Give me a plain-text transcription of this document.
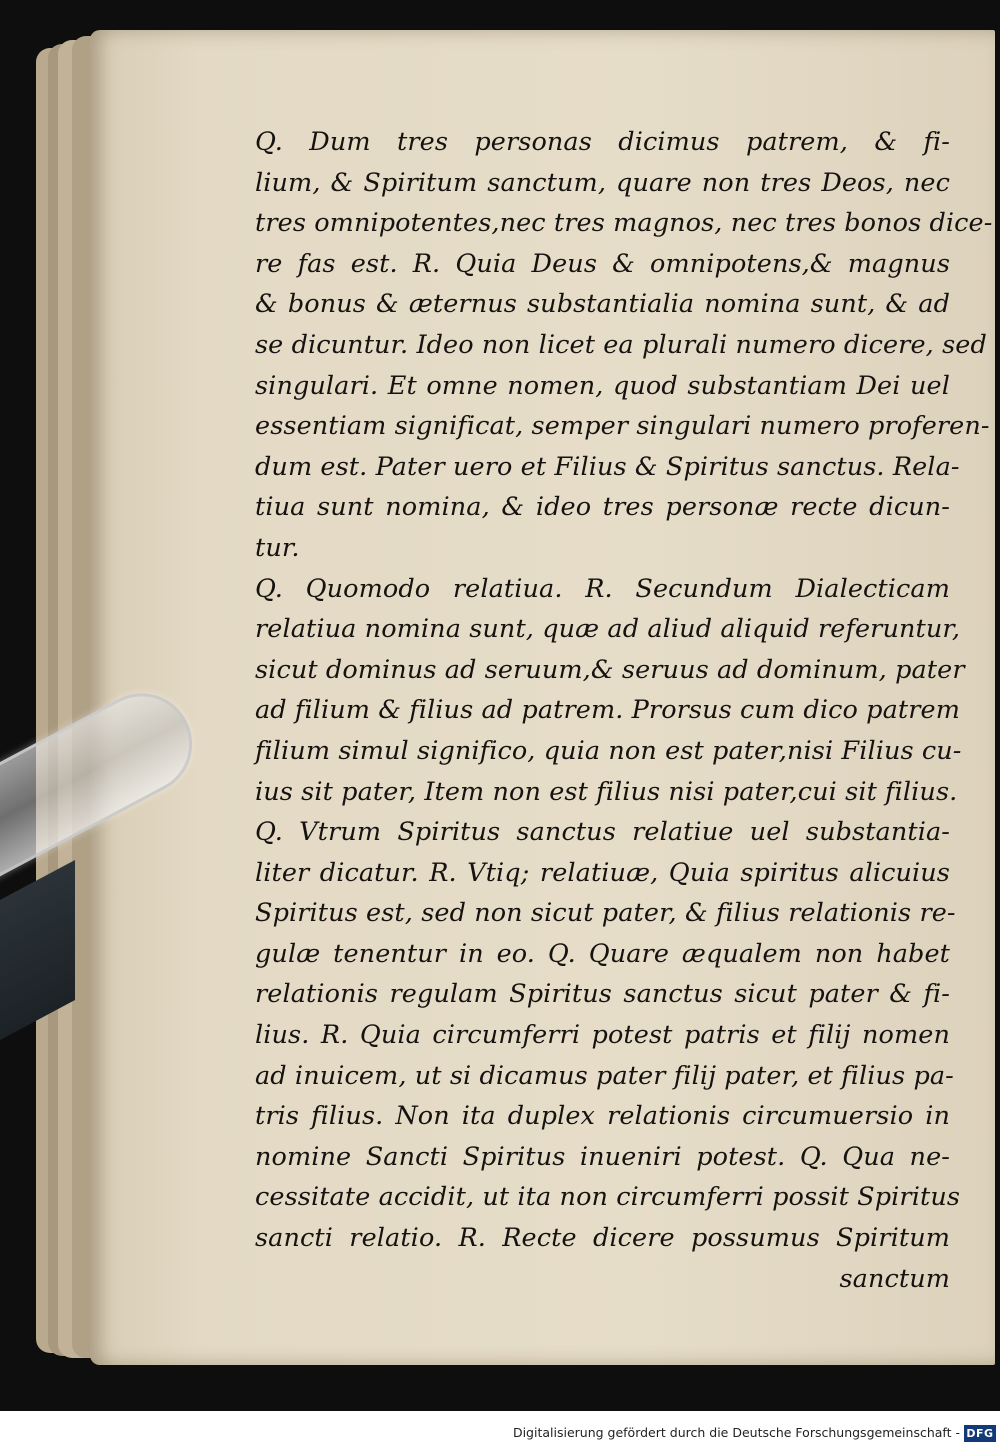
Q. Dum tres personas dicimus patrem, & fi-
lium, & Spiritum sanctum, quare non tres Deos, nec
tres omnipotentes,nec tres magnos, nec tres bonos dice-
re fas est. R. Quia Deus & omnipotens,& magnus
& bonus & æternus substantialia nomina sunt, & ad
se dicuntur. Ideo non licet ea plurali numero dicere, sed
singulari. Et omne nomen, quod substantiam Dei uel
essentiam significat, semper singulari numero proferen-
dum est. Pater uero et Filius & Spiritus sanctus. Rela-
tiua sunt nomina, & ideo tres personæ recte dicun-
tur.
Q. Quomodo relatiua. R. Secundum Dialecticam
relatiua nomina sunt, quæ ad aliud aliquid referuntur,
sicut dominus ad seruum,& seruus ad dominum, pater
ad filium & filius ad patrem. Prorsus cum dico patrem
filium simul significo, quia non est pater,nisi Filius cu-
ius sit pater, Item non est filius nisi pater,cui sit filius.
Q. Vtrum Spiritus sanctus relatiue uel substantia-
liter dicatur. R. Vtiq; relatiuæ, Quia spiritus alicuius
Spiritus est, sed non sicut pater, & filius relationis re-
gulæ tenentur in eo. Q. Quare æqualem non habet
relationis regulam Spiritus sanctus sicut pater & fi-
lius. R. Quia circumferri potest patris et filij nomen
ad inuicem, ut si dicamus pater filij pater, et filius pa-
tris filius. Non ita duplex relationis circumuersio in
nomine Sancti Spiritus inueniri potest. Q. Qua ne-
cessitate accidit, ut ita non circumferri possit Spiritus
sancti relatio. R. Recte dicere possumus Spiritum
sanctum
Digitalisierung gefördert durch die Deutsche Forschungsgemeinschaft - DFG
